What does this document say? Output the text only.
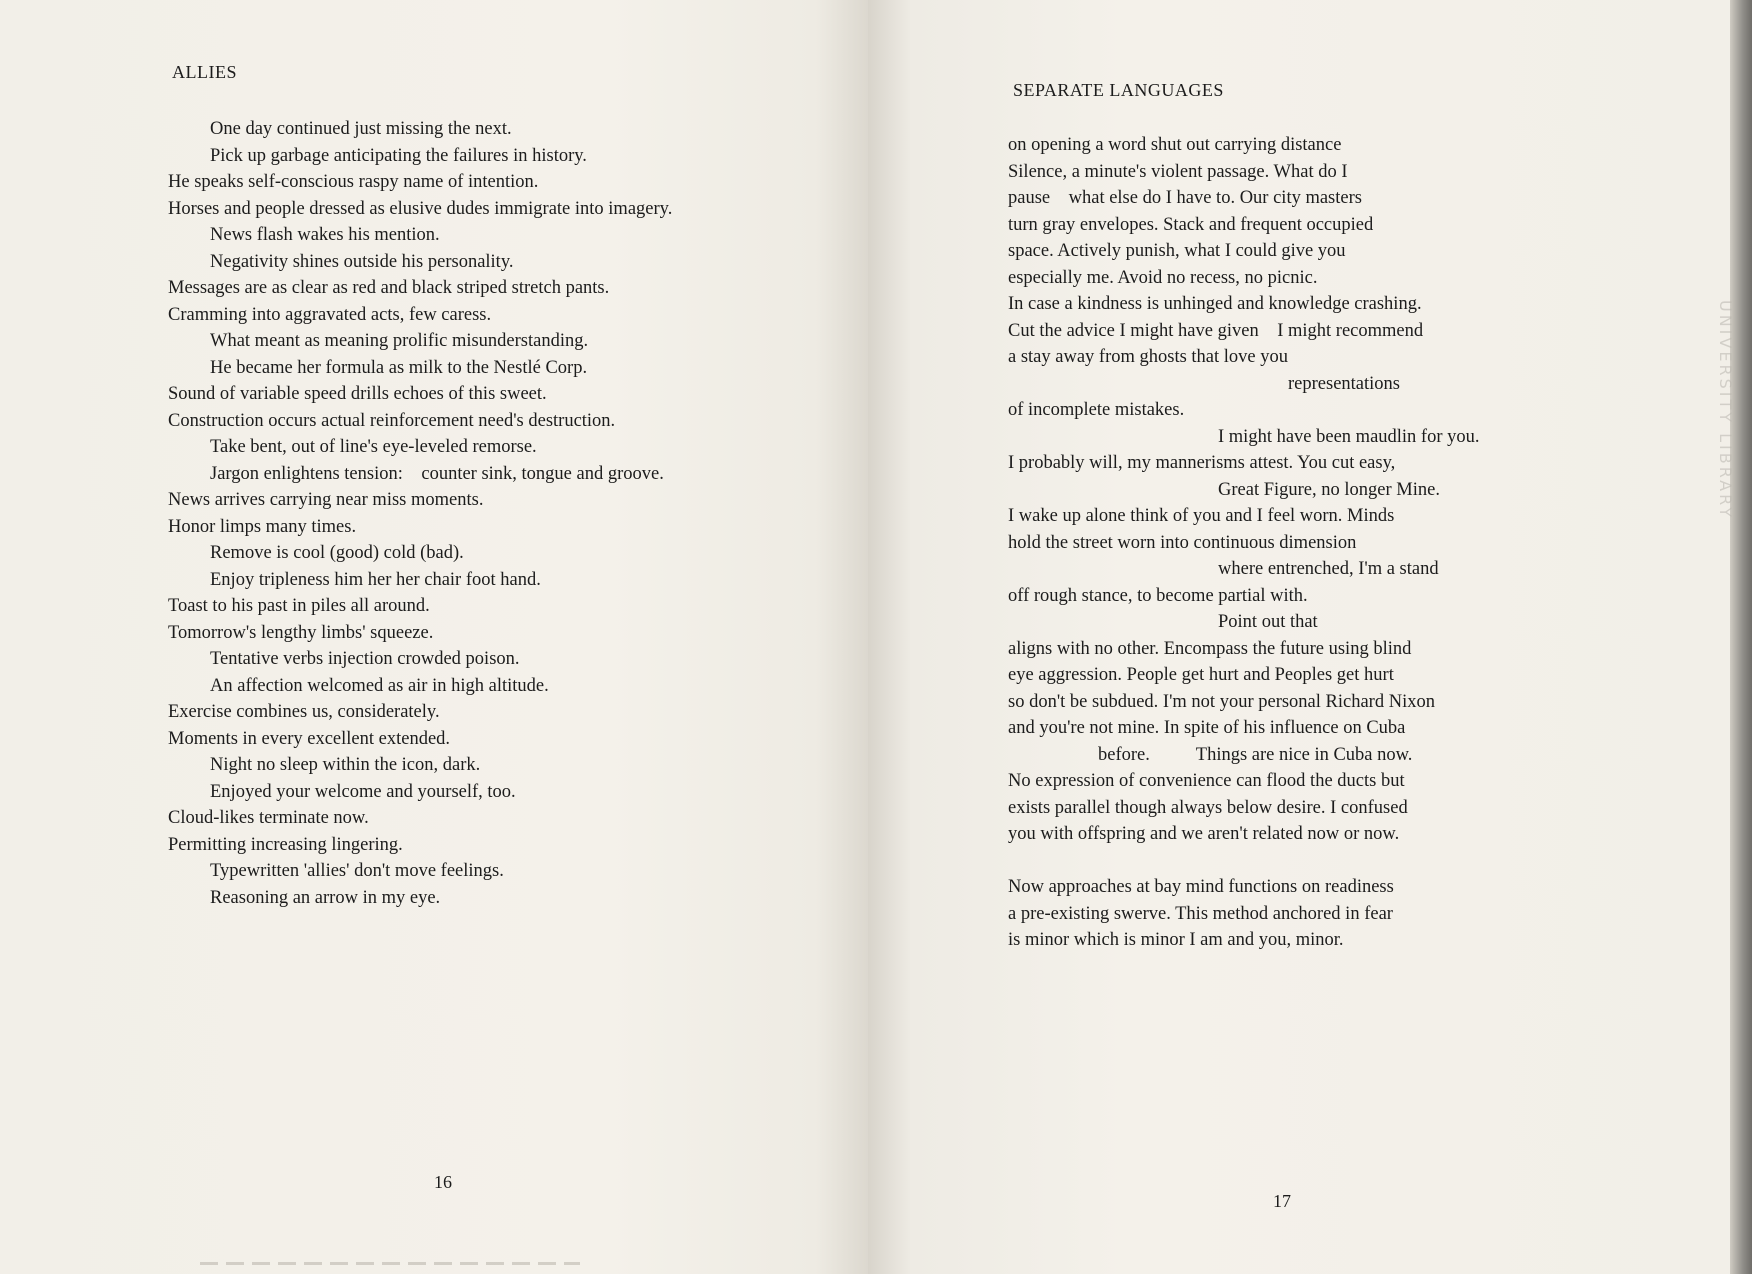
ALLIES
One day continued just missing the next.
Pick up garbage anticipating the failures in history.
He speaks self-conscious raspy name of intention.
Horses and people dressed as elusive dudes immigrate into imagery.
News flash wakes his mention.
Negativity shines outside his personality.
Messages are as clear as red and black striped stretch pants.
Cramming into aggravated acts, few caress.
What meant as meaning prolific misunderstanding.
He became her formula as milk to the Nestlé Corp.
Sound of variable speed drills echoes of this sweet.
Construction occurs actual reinforcement need's destruction.
Take bent, out of line's eye-leveled remorse.
Jargon enlightens tension:    counter sink, tongue and groove.
News arrives carrying near miss moments.
Honor limps many times.
Remove is cool (good) cold (bad).
Enjoy tripleness him her her chair foot hand.
Toast to his past in piles all around.
Tomorrow's lengthy limbs' squeeze.
Tentative verbs injection crowded poison.
An affection welcomed as air in high altitude.
Exercise combines us, considerately.
Moments in every excellent extended.
Night no sleep within the icon, dark.
Enjoyed your welcome and yourself, too.
Cloud-likes terminate now.
Permitting increasing lingering.
Typewritten 'allies' don't move feelings.
Reasoning an arrow in my eye.
16
SEPARATE LANGUAGES
on opening a word shut out carrying distance
Silence, a minute's violent passage. What do I
pause    what else do I have to. Our city masters
turn gray envelopes. Stack and frequent occupied
space. Actively punish, what I could give you
especially me. Avoid no recess, no picnic.
In case a kindness is unhinged and knowledge crashing.
Cut the advice I might have given    I might recommend
a stay away from ghosts that love you
representations
of incomplete mistakes.
I might have been maudlin for you.
I probably will, my mannerisms attest. You cut easy,
Great Figure, no longer Mine.
I wake up alone think of you and I feel worn. Minds
hold the street worn into continuous dimension
where entrenched, I'm a stand
off rough stance, to become partial with.
Point out that
aligns with no other. Encompass the future using blind
eye aggression. People get hurt and Peoples get hurt
so don't be subdued. I'm not your personal Richard Nixon
and you're not mine. In spite of his influence on Cuba
before.          Things are nice in Cuba now.
No expression of convenience can flood the ducts but
exists parallel though always below desire. I confused
you with offspring and we aren't related now or now.
Now approaches at bay mind functions on readiness
a pre-existing swerve. This method anchored in fear
is minor which is minor I am and you, minor.
17
UNIVERSITY LIBRARY
